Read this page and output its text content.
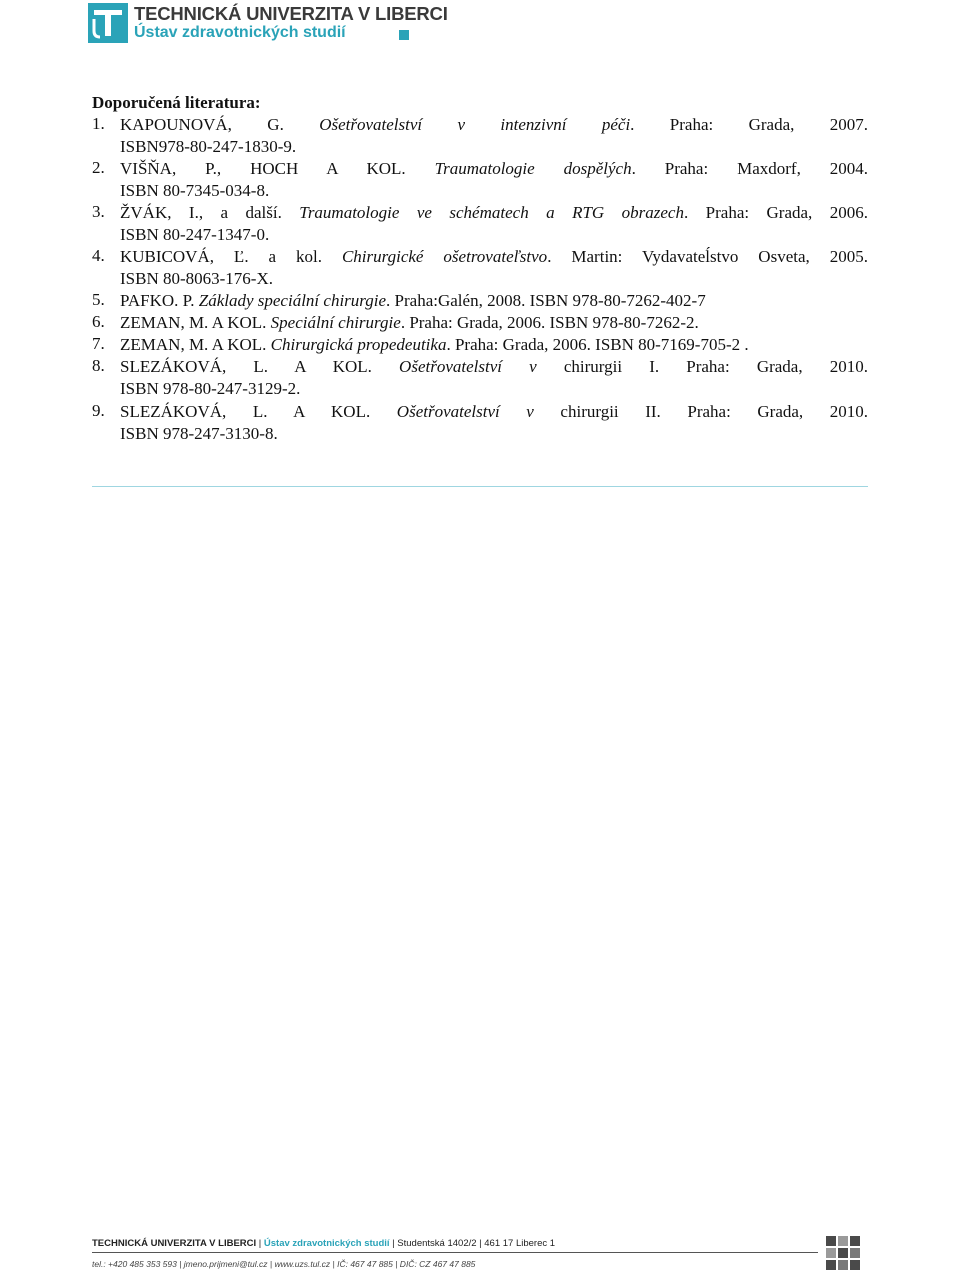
TECHNICKÁ UNIVERZITA V LIBERCI
Ústav zdravotnických studií

Doporučená literatura:

1. KAPOUNOVÁ, G. Ošetřovatelství v intenzivní péči. Praha: Grada, 2007.
ISBN978-80-247-1830-9.
2. VIŠŇA, P., HOCH A KOL. Traumatologie dospělých. Praha: Maxdorf, 2004.
ISBN 80-7345-034-8.
3. ŽVÁK, I., a další. Traumatologie ve schématech a RTG obrazech. Praha: Grada, 2006.
ISBN 80-247-1347-0.
4. KUBICOVÁ, Ľ. a kol. Chirurgické ošetrovateľstvo. Martin: Vydavateĺstvo Osveta, 2005.
ISBN 80-8063-176-X.
5. PAFKO. P. Základy speciální chirurgie. Praha:Galén, 2008. ISBN 978-80-7262-402-7
6. ZEMAN, M. A KOL. Speciální chirurgie. Praha: Grada, 2006. ISBN 978-80-7262-2.
7. ZEMAN, M. A KOL. Chirurgická propedeutika. Praha: Grada, 2006. ISBN 80-7169-705-2 .
8. SLEZÁKOVÁ, L. A KOL. Ošetřovatelství v chirurgii I. Praha: Grada, 2010.
ISBN 978-80-247-3129-2.
9. SLEZÁKOVÁ, L. A KOL. Ošetřovatelství v chirurgii II. Praha: Grada, 2010.
ISBN 978-247-3130-8.
TECHNICKÁ UNIVERZITA V LIBERCI | Ústav zdravotnických studií | Studentská 1402/2 | 461 17 Liberec 1
tel.: +420 485 353 593 | jmeno.prijmeni@tul.cz | www.uzs.tul.cz | IČ: 467 47 885 | DIČ: CZ 467 47 885
